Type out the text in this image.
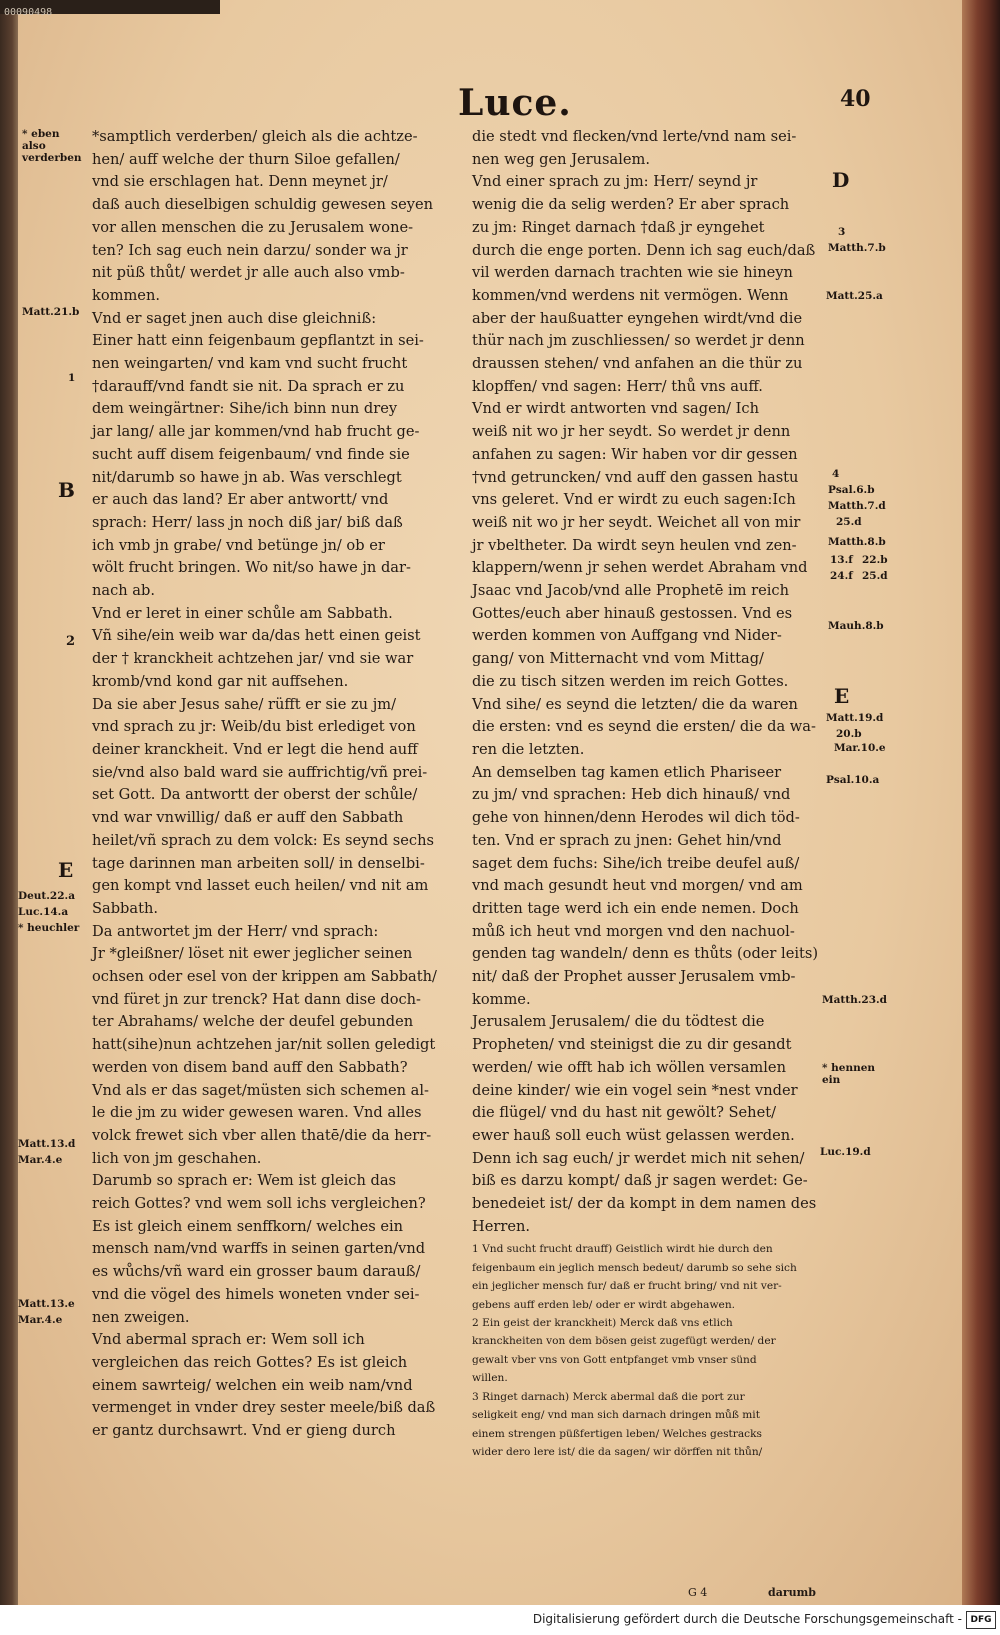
00090498
Luce.	40

*samptlich verderben/ gleich als die achtze-

hen/ auff welche der thurn Siloe gefallen/

vnd sie erschlagen hat. Denn meynet jr/

daß auch dieselbigen schuldig gewesen seyen

vor allen menschen die zu Jerusalem wone-

ten? Ich sag euch nein darzu/ sonder wa jr

nit püß thůt/ werdet jr alle auch also vmb-

kommen.

Vnd er saget jnen auch dise gleichniß:

Einer hatt einn feigenbaum gepflantzt in sei-

nen weingarten/ vnd kam vnd sucht frucht

†darauff/vnd fandt sie nit. Da sprach er zu

dem weingärtner: Sihe/ich binn nun drey

jar lang/ alle jar kommen/vnd hab frucht ge-

sucht auff disem feigenbaum/ vnd finde sie

nit/darumb so hawe jn ab. Was verschlegt

er auch das land? Er aber antwortt/ vnd

sprach: Herr/ lass jn noch diß jar/ biß daß

ich vmb jn grabe/ vnd betünge jn/ ob er

wölt frucht bringen. Wo nit/so hawe jn dar-

nach ab.

Vnd er leret in einer schůle am Sabbath.

Vñ sihe/ein weib war da/das hett einen geist

der † kranckheit achtzehen jar/ vnd sie war

kromb/vnd kond gar nit auffsehen.

Da sie aber Jesus sahe/ rüfft er sie zu jm/

vnd sprach zu jr: Weib/du bist erlediget von

deiner kranckheit. Vnd er legt die hend auff

sie/vnd also bald ward sie auffrichtig/vñ prei-

set Gott. Da antwortt der oberst der schůle/

vnd war vnwillig/ daß er auff den Sabbath

heilet/vñ sprach zu dem volck: Es seynd sechs

tage darinnen man arbeiten soll/ in denselbi-

gen kompt vnd lasset euch heilen/ vnd nit am

Sabbath.

Da antwortet jm der Herr/ vnd sprach:

Jr *gleißner/ löset nit ewer jeglicher seinen

ochsen oder esel von der krippen am Sabbath/

vnd füret jn zur trenck? Hat dann dise doch-

ter Abrahams/ welche der deufel gebunden

hatt(sihe)nun achtzehen jar/nit sollen geledigt

werden von disem band auff den Sabbath?

Vnd als er das saget/müsten sich schemen al-

le die jm zu wider gewesen waren. Vnd alles

volck frewet sich vber allen thatē/die da herr-

lich von jm geschahen.

Darumb so sprach er: Wem ist gleich das

reich Gottes? vnd wem soll ichs vergleichen?

Es ist gleich einem senffkorn/ welches ein

mensch nam/vnd warffs in seinen garten/vnd

es wůchs/vñ ward ein grosser baum darauß/

vnd die vögel des himels woneten vnder sei-

nen zweigen.

Vnd abermal sprach er: Wem soll ich

vergleichen das reich Gottes? Es ist gleich

einem sawrteig/ welchen ein weib nam/vnd

vermenget in vnder drey sester meele/biß daß

er gantz durchsawrt. Vnd er gieng durch

die stedt vnd flecken/vnd lerte/vnd nam sei-

nen weg gen Jerusalem.

Vnd einer sprach zu jm: Herr/ seynd jr

wenig die da selig werden? Er aber sprach

zu jm: Ringet darnach †daß jr eyngehet

durch die enge porten. Denn ich sag euch/daß

vil werden darnach trachten wie sie hineyn

kommen/vnd werdens nit vermögen. Wenn

aber der haußuatter eyngehen wirdt/vnd die

thür nach jm zuschliessen/ so werdet jr denn

draussen stehen/ vnd anfahen an die thür zu

klopffen/ vnd sagen: Herr/ thů vns auff.

Vnd er wirdt antworten vnd sagen/ Ich

weiß nit wo jr her seydt. So werdet jr denn

anfahen zu sagen: Wir haben vor dir gessen

†vnd getruncken/ vnd auff den gassen hastu

vns geleret. Vnd er wirdt zu euch sagen:Ich

weiß nit wo jr her seydt. Weichet all von mir

jr vbeltheter. Da wirdt seyn heulen vnd zen-

klappern/wenn jr sehen werdet Abraham vnd

Jsaac vnd Jacob/vnd alle Prophetē im reich

Gottes/euch aber hinauß gestossen. Vnd es

werden kommen von Auffgang vnd Nider-

gang/ von Mitternacht vnd vom Mittag/

die zu tisch sitzen werden im reich Gottes.

Vnd sihe/ es seynd die letzten/ die da waren

die ersten: vnd es seynd die ersten/ die da wa-

ren die letzten.

An demselben tag kamen etlich Phariseer

zu jm/ vnd sprachen: Heb dich hinauß/ vnd

gehe von hinnen/denn Herodes wil dich töd-

ten. Vnd er sprach zu jnen: Gehet hin/vnd

saget dem fuchs: Sihe/ich treibe deufel auß/

vnd mach gesundt heut vnd morgen/ vnd am

dritten tage werd ich ein ende nemen. Doch

můß ich heut vnd morgen vnd den nachuol-

genden tag wandeln/ denn es thůts (oder leits)

nit/ daß der Prophet ausser Jerusalem vmb-

komme.

Jerusalem Jerusalem/ die du tödtest die

Propheten/ vnd steinigst die zu dir gesandt

werden/ wie offt hab ich wöllen versamlen

deine kinder/ wie ein vogel sein *nest vnder

die flügel/ vnd du hast nit gewölt? Sehet/

ewer hauß soll euch wüst gelassen werden.

Denn ich sag euch/ jr werdet mich nit sehen/

biß es darzu kompt/ daß jr sagen werdet: Ge-

benedeiet ist/ der da kompt in dem namen des

Herren.

1 Vnd sucht frucht drauff) Geistlich wirdt hie durch den

feigenbaum ein jeglich mensch bedeut/ darumb so sehe sich

ein jeglicher mensch fur/ daß er frucht bring/ vnd nit ver-

gebens auff erden leb/ oder er wirdt abgehawen.

2 Ein geist der kranckheit) Merck daß vns etlich

kranckheiten von dem bösen geist zugefügt werden/ der

gewalt vber vns von Gott entpfanget vmb vnser sünd

willen.

3 Ringet darnach) Merck abermal daß die port zur

seligkeit eng/ vnd man sich darnach dringen můß mit

einem strengen püßfertigen leben/ Welches gestracks

wider dero lere ist/ die da sagen/ wir dörffen nit thůn/

* eben also verderben
Matt.21.b
1
B
2
E
Deut.22.a
Luc.14.a
* heuchler
Matt.13.d
Mar.4.e
Matt.13.e
Mar.4.e
D
3
Matth.7.b
Matt.25.a
4
Psal.6.b
Matth.7.d
25.d
Matth.8.b
13.f 22.b
24.f 25.d
Mauh.8.b
E
Matt.19.d
20.b
Mar.10.e
Psal.10.a
Matth.23.d
* hennen ein
Luc.19.d
G 4	darumb
Digitalisierung gefördert durch die Deutsche Forschungsgemeinschaft - DFG
